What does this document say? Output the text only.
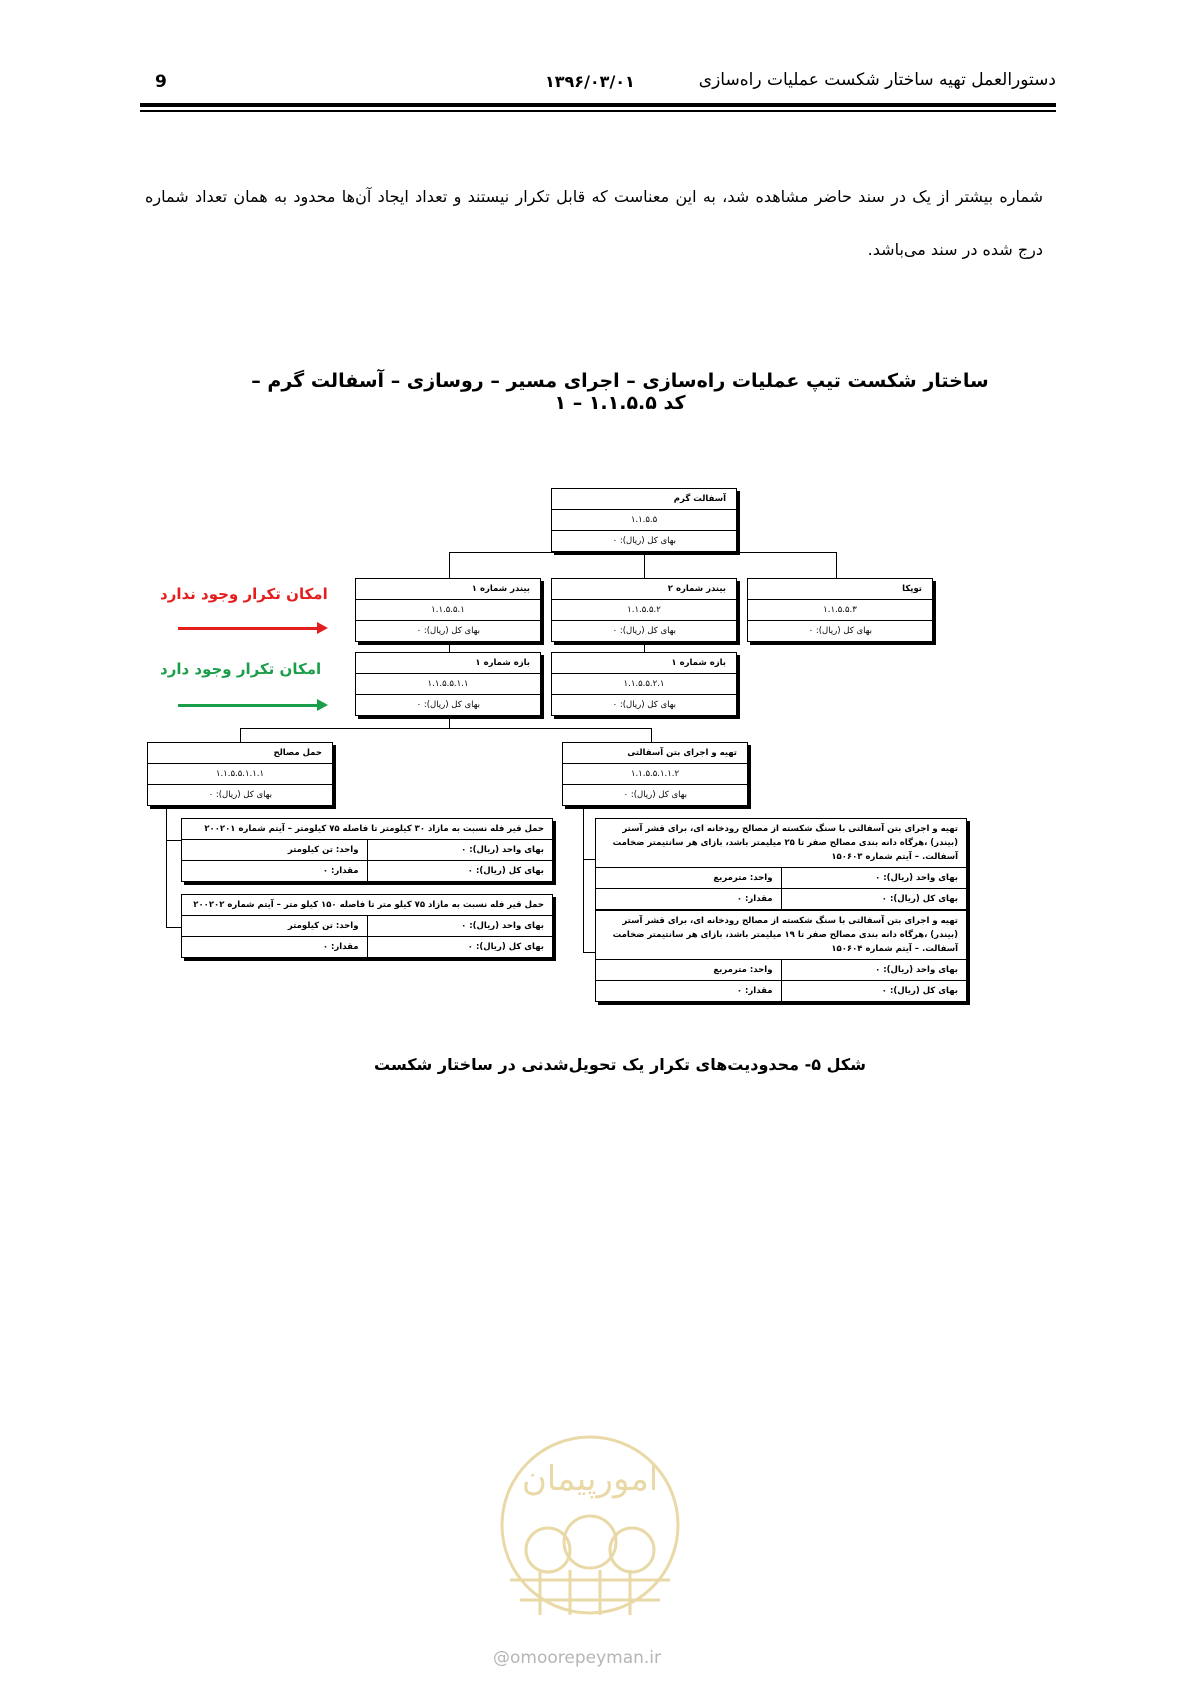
9	۱۳۹۶/۰۳/۰۱	دستورالعمل تهیه ساختار شکست عملیات راه‌سازی
شماره بیشتر از یک در سند حاضر مشاهده شد، به این معناست که قابل تکرار نیستند و تعداد ایجاد آن‌ها محدود به همان تعداد شماره درج شده در سند می‌باشد.
ساختار شکست تیپ عملیات راه‌سازی – اجرای مسیر – روسازی – آسفالت گرم – کد ۱.۱.۵.۵ – ۱
آسفالت گرم
۱.۱.۵.۵
بهای کل (ریال): ۰
بیندر شماره ۱
۱.۱.۵.۵.۱
بهای کل (ریال): ۰
بیندر شماره ۲
۱.۱.۵.۵.۲
بهای کل (ریال): ۰
توپکا
۱.۱.۵.۵.۳
بهای کل (ریال): ۰
بازه شماره ۱
۱.۱.۵.۵.۱.۱
بهای کل (ریال): ۰
بازه شماره ۱
۱.۱.۵.۵.۲.۱
بهای کل (ریال): ۰
حمل مصالح
۱.۱.۵.۵.۱.۱.۱
بهای کل (ریال): ۰
تهیه و اجرای بتن آسفالتی
۱.۱.۵.۵.۱.۱.۲
بهای کل (ریال): ۰
حمل قیر فله نسبت به مازاد ۳۰ کیلومتر تا فاصله ۷۵ کیلومتر – آیتم شماره ۲۰۰۲۰۱
بهای واحد (ریال): ۰
واحد: تن کیلومتر
بهای کل (ریال): ۰
مقدار: ۰
حمل قیر فله نسبت به مازاد ۷۵ کیلو متر تا فاصله ۱۵۰ کیلو متر – آیتم شماره ۲۰۰۲۰۲
بهای واحد (ریال): ۰
واحد: تن کیلومتر
بهای کل (ریال): ۰
مقدار: ۰
تهیه و اجرای بتن آسفالتی با سنگ شکسته از مصالح رودخانه ای، برای قشر آستر (بیندر) ،هرگاه دانه بندی مصالح صفر تا ۲۵ میلیمتر باشد، بازای هر سانتیمتر ضخامت آسفالت. – آیتم شماره ۱۵۰۶۰۳
بهای واحد (ریال): ۰
واحد: مترمربع
بهای کل (ریال): ۰
مقدار: ۰
تهیه و اجرای بتن آسفالتی با سنگ شکسته از مصالح رودخانه ای، برای قشر آستر (بیندر) ،هرگاه دانه بندی مصالح صفر تا ۱۹ میلیمتر باشد، بازای هر سانتیمتر ضخامت آسفالت. – آیتم شماره ۱۵۰۶۰۴
بهای واحد (ریال): ۰
واحد: مترمربع
بهای کل (ریال): ۰
مقدار: ۰
امکان تکرار وجود ندارد
امکان تکرار وجود دارد
شکل ۵- محدودیت‌های تکرار یک تحویل‌شدنی در ساختار شکست
امورپیمان
@omoorepeyman.ir
